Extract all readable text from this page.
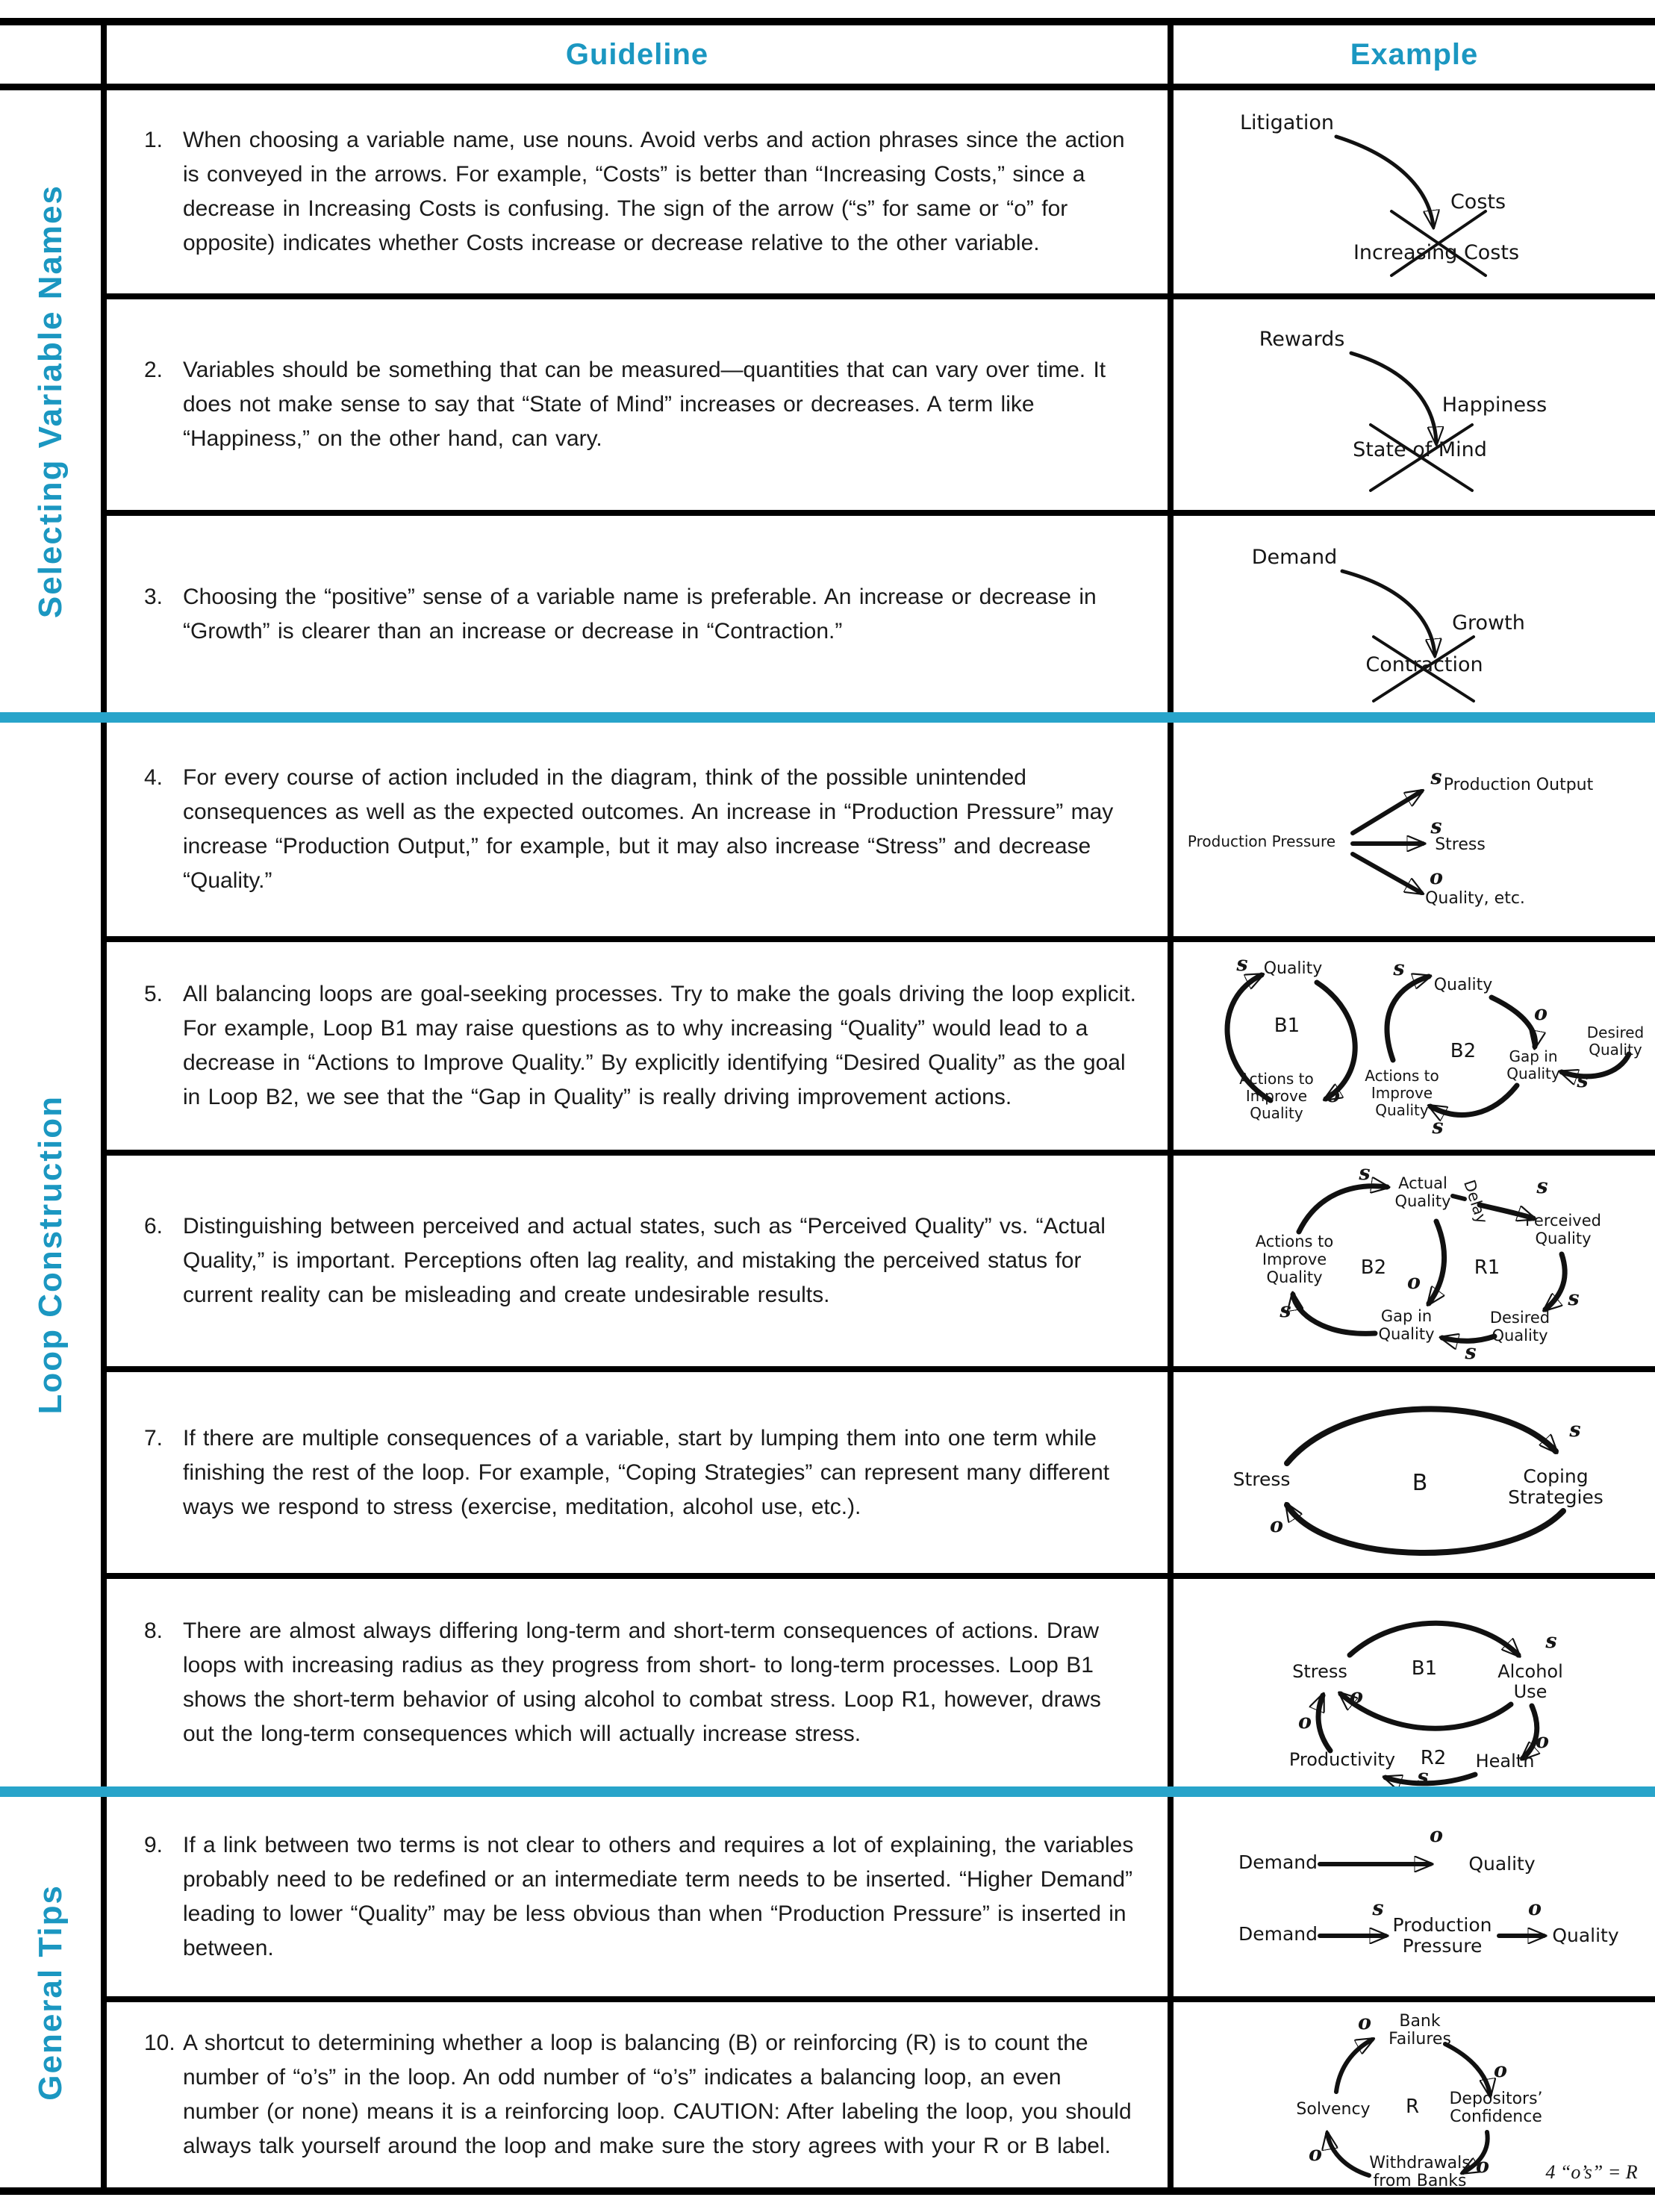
Guideline	Example
Selecting Variable Names

1. When choosing a variable name, use nouns. Avoid verbs and action phrases since the action is conveyed in the arrows. For example, “Costs” is better than “Increasing Costs,” since a decrease in Increasing Costs is confusing. The sign of the arrow (“s” for same or “o” for opposite) indicates whether Costs increase or decrease relative to the other variable.

Litigation
Costs
Increasing Costs

2. Variables should be something that can be measured—quantities that can vary over time. It does not make sense to say that “State of Mind” increases or decreases. A term like “Happiness,” on the other hand, can vary.

Rewards
Happiness
State of Mind

3. Choosing the “positive” sense of a variable name is preferable. An increase or decrease in “Growth” is clearer than an increase or decrease in “Contraction.”

Demand
Growth
Contraction
Loop Construction

4. For every course of action included in the diagram, think of the possible unintended consequences as well as the expected outcomes. An increase in “Production Pressure” may increase “Production Output,” for example, but it may also increase “Stress” and decrease “Quality.”

Production Pressure
s Production Output
s
Stress
o
Quality, etc.

5. All balancing loops are goal-seeking processes. Try to make the goals driving the loop explicit. For example, Loop B1 may raise questions as to why increasing “Quality” would lead to a decrease in “Actions to Improve Quality.” By explicitly identifying “Desired Quality” as the goal in Loop B2, we see that the “Gap in Quality” is really driving improvement actions.

s Quality
B1
Actions to Improve Quality
o
s
Quality
o
B2 Gap in Quality
Desired Quality
s
Actions to Improve Quality
s

6. Distinguishing between perceived and actual states, such as “Perceived Quality” vs. “Actual Quality,” is important. Perceptions often lag reality, and mistaking the perceived status for current reality can be misleading and create undesirable results.

s Actual Quality Delay s
Perceived Quality
Actions to Improve Quality	B2	R1
o
Gap in Quality
s
Desired Quality
s
s

7. If there are multiple consequences of a variable, start by lumping them into one term while finishing the rest of the loop. For example, “Coping Strategies” can represent many different ways we respond to stress (exercise, meditation, alcohol use, etc.).

Stress	B	Coping Strategies
s
o

8. There are almost always differing long-term and short-term consequences of actions. Draw loops with increasing radius as they progress from short- to long-term processes. Loop B1 shows the short-term behavior of using alcohol to combat stress. Loop R1, however, draws out the long-term consequences which will actually increase stress.

Stress	B1	Alcohol Use
s
o
o
Health
s
Productivity R2
o
General Tips

9. If a link between two terms is not clear to others and requires a lot of explaining, the variables probably need to be redefined or an intermediate term needs to be inserted. “Higher Demand” leading to lower “Quality” may be less obvious than when “Production Pressure” is inserted in between.

Demand
o
Quality
Demand
s
Production Pressure
o
Quality

10. A shortcut to determining whether a loop is balancing (B) or reinforcing (R) is to count the number of “o’s” in the loop. An odd number of “o’s” indicates a balancing loop, an even number (or none) means it is a reinforcing loop. CAUTION: After labeling the loop, you should always talk yourself around the loop and make sure the story agrees with your R or B label.

o	Bank Failures
o
Depositors’ Confidence
o
Withdrawals from Banks
o
Solvency R
4 “o’s” = R
